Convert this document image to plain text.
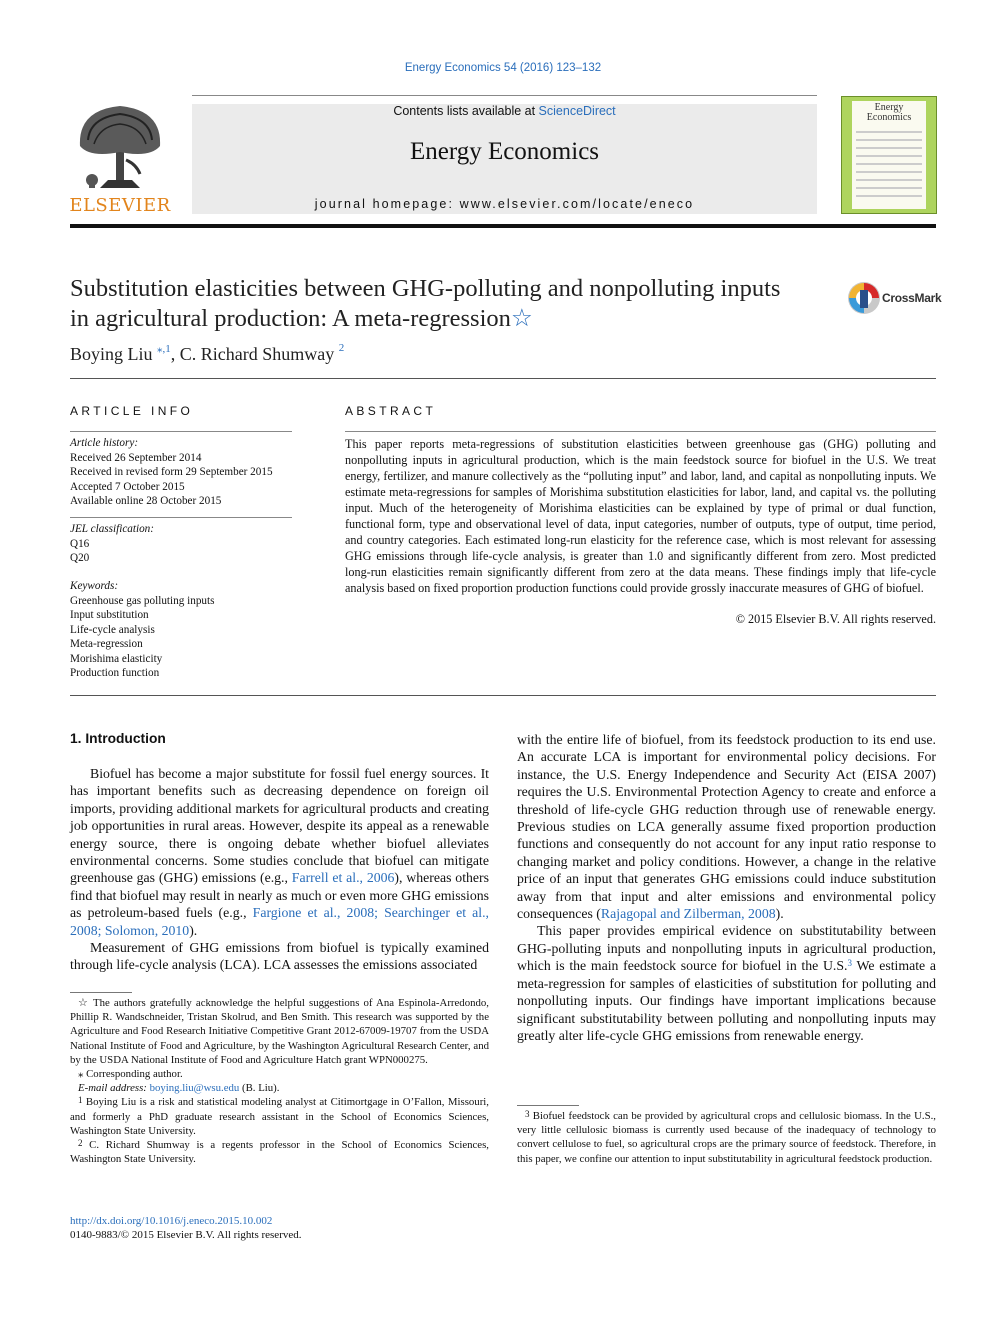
Energy Economics 54 (2016) 123–132
ELSEVIER
Contents lists available at ScienceDirect
Energy Economics
journal homepage: www.elsevier.com/locate/eneco
Energy
Economics
Substitution elasticities between GHG-polluting and nonpolluting inputs
in agricultural production: A meta-regression☆
CrossMark
Boying Liu $^{⁎,1}$, C. Richard Shumway $^2$
ARTICLE INFO
Article history:
Received 26 September 2014
Received in revised form 29 September 2015
Accepted 7 October 2015
Available online 28 October 2015
JEL classification:
Q16
Q20
Keywords:
Greenhouse gas polluting inputs
Input substitution
Life-cycle analysis
Meta-regression
Morishima elasticity
Production function
ABSTRACT
This paper reports meta-regressions of substitution elasticities between greenhouse gas (GHG) polluting and nonpolluting inputs in agricultural production, which is the main feedstock source for biofuel in the U.S. We treat energy, fertilizer, and manure collectively as the “polluting input” and labor, land, and capital as nonpolluting inputs. We estimate meta-regressions for samples of Morishima substitution elasticities for labor, land, and capital vs. the polluting input. Much of the heterogeneity of Morishima elasticities can be explained by type of primal or dual function, functional form, type and observational level of data, input categories, number of outputs, type of output, time period, and country categories. Each estimated long-run elasticity for the reference case, which is most relevant for assessing GHG emissions through life-cycle analysis, is greater than 1.0 and significantly different from zero. Most predicted long-run elasticities remain significantly different from zero at the data means. These findings imply that life-cycle analysis based on fixed proportion production functions could provide grossly inaccurate measures of GHG of biofuel.
© 2015 Elsevier B.V. All rights reserved.
1. Introduction

Biofuel has become a major substitute for fossil fuel energy sources. It has important benefits such as decreasing dependence on foreign oil imports, providing additional markets for agricultural products and creating job opportunities in rural areas. However, despite its appeal as a renewable energy source, there is ongoing debate whether biofuel alleviates environmental concerns. Some studies conclude that biofuel can mitigate greenhouse gas (GHG) emissions (e.g., Farrell et al., 2006), whereas others find that biofuel may result in nearly as much or even more GHG emissions as petroleum-based fuels (e.g., Fargione et al., 2008; Searchinger et al., 2008; Solomon, 2010).

Measurement of GHG emissions from biofuel is typically examined through life-cycle analysis (LCA). LCA assesses the emissions associated

☆ The authors gratefully acknowledge the helpful suggestions of Ana Espinola-Arredondo, Phillip R. Wandschneider, Tristan Skolrud, and Ben Smith. This research was supported by the Agriculture and Food Research Initiative Competitive Grant 2012-67009-19707 from the USDA National Institute of Food and Agriculture, by the Washington Agricultural Research Center, and by the USDA National Institute of Food and Agriculture Hatch grant WPN000275.

⁎ Corresponding author.

E-mail address: boying.liu@wsu.edu (B. Liu).

$^1$ Boying Liu is a risk and statistical modeling analyst at Citimortgage in O’Fallon, Missouri, and formerly a PhD graduate research assistant in the School of Economics Sciences, Washington State University.

$^2$ C. Richard Shumway is a regents professor in the School of Economics Sciences, Washington State University.

with the entire life of biofuel, from its feedstock production to its end use. An accurate LCA is important for environmental policy decisions. For instance, the U.S. Energy Independence and Security Act (EISA 2007) requires the U.S. Environmental Protection Agency to create and enforce a threshold of life-cycle GHG reduction through use of renewable energy. Previous studies on LCA generally assume fixed proportion production functions and consequently do not account for any input ratio response to changing market and policy conditions. However, a change in the relative price of an input that generates GHG emissions could induce substitution away from that input and alter emissions and environmental policy consequences (Rajagopal and Zilberman, 2008).

This paper provides empirical evidence on substitutability between GHG-polluting inputs and nonpolluting inputs in agricultural production, which is the main feedstock source for biofuel in the U.S.$^3$ We estimate a meta-regression for samples of elasticities of substitution for polluting and nonpolluting inputs. Our findings have important implications because significant substitutability between polluting and nonpolluting inputs may greatly alter life-cycle GHG emissions from renewable energy.

$^3$ Biofuel feedstock can be provided by agricultural crops and cellulosic biomass. In the U.S., very little cellulosic biomass is currently used because of the inadequacy of technology to convert cellulose to fuel, so agricultural crops are the primary source of feedstock. Therefore, in this paper, we confine our attention to input substitutability in agricultural feedstock production.

http://dx.doi.org/10.1016/j.eneco.2015.10.002
0140-9883/© 2015 Elsevier B.V. All rights reserved.
